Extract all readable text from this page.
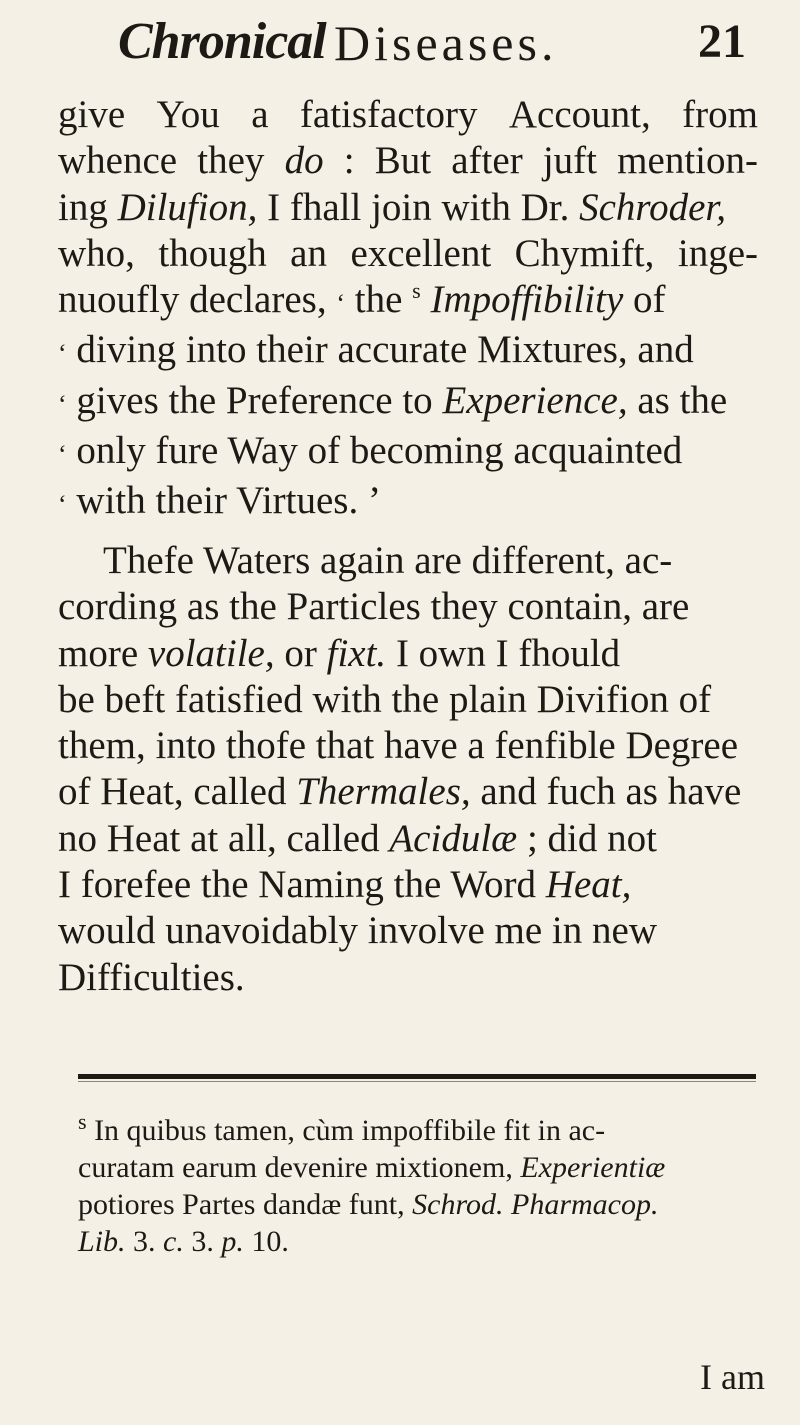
Chronical Diseases.	21
give You a fatisfactory Account, from
whence they do : But after juft mention-
ing Dilufion, I fhall join with Dr. Schroder,
who, though an excellent Chymift, inge-
nuoufly declares, ‘ the $^s$ Impoffibility of
‘ diving into their accurate Mixtures, and
‘ gives the Preference to Experience, as the
‘ only fure Way of becoming acquainted
‘ with their Virtues. ’
Thefe Waters again are different, ac-
cording as the Particles they contain, are
more volatile, or fixt. I own I fhould
be beft fatisfied with the plain Divifion of
them, into thofe that have a fenfible Degree
of Heat, called Thermales, and fuch as have
no Heat at all, called Acidulæ ; did not
I forefee the Naming the Word Heat,
would unavoidably involve me in new
Difficulties.
$^s$ In quibus tamen, cùm impoffibile fit in ac-
curatam earum devenire mixtionem, Experientiæ
potiores Partes dandæ funt, Schrod. Pharmacop.
Lib. 3. c. 3. p. 10.
I am
